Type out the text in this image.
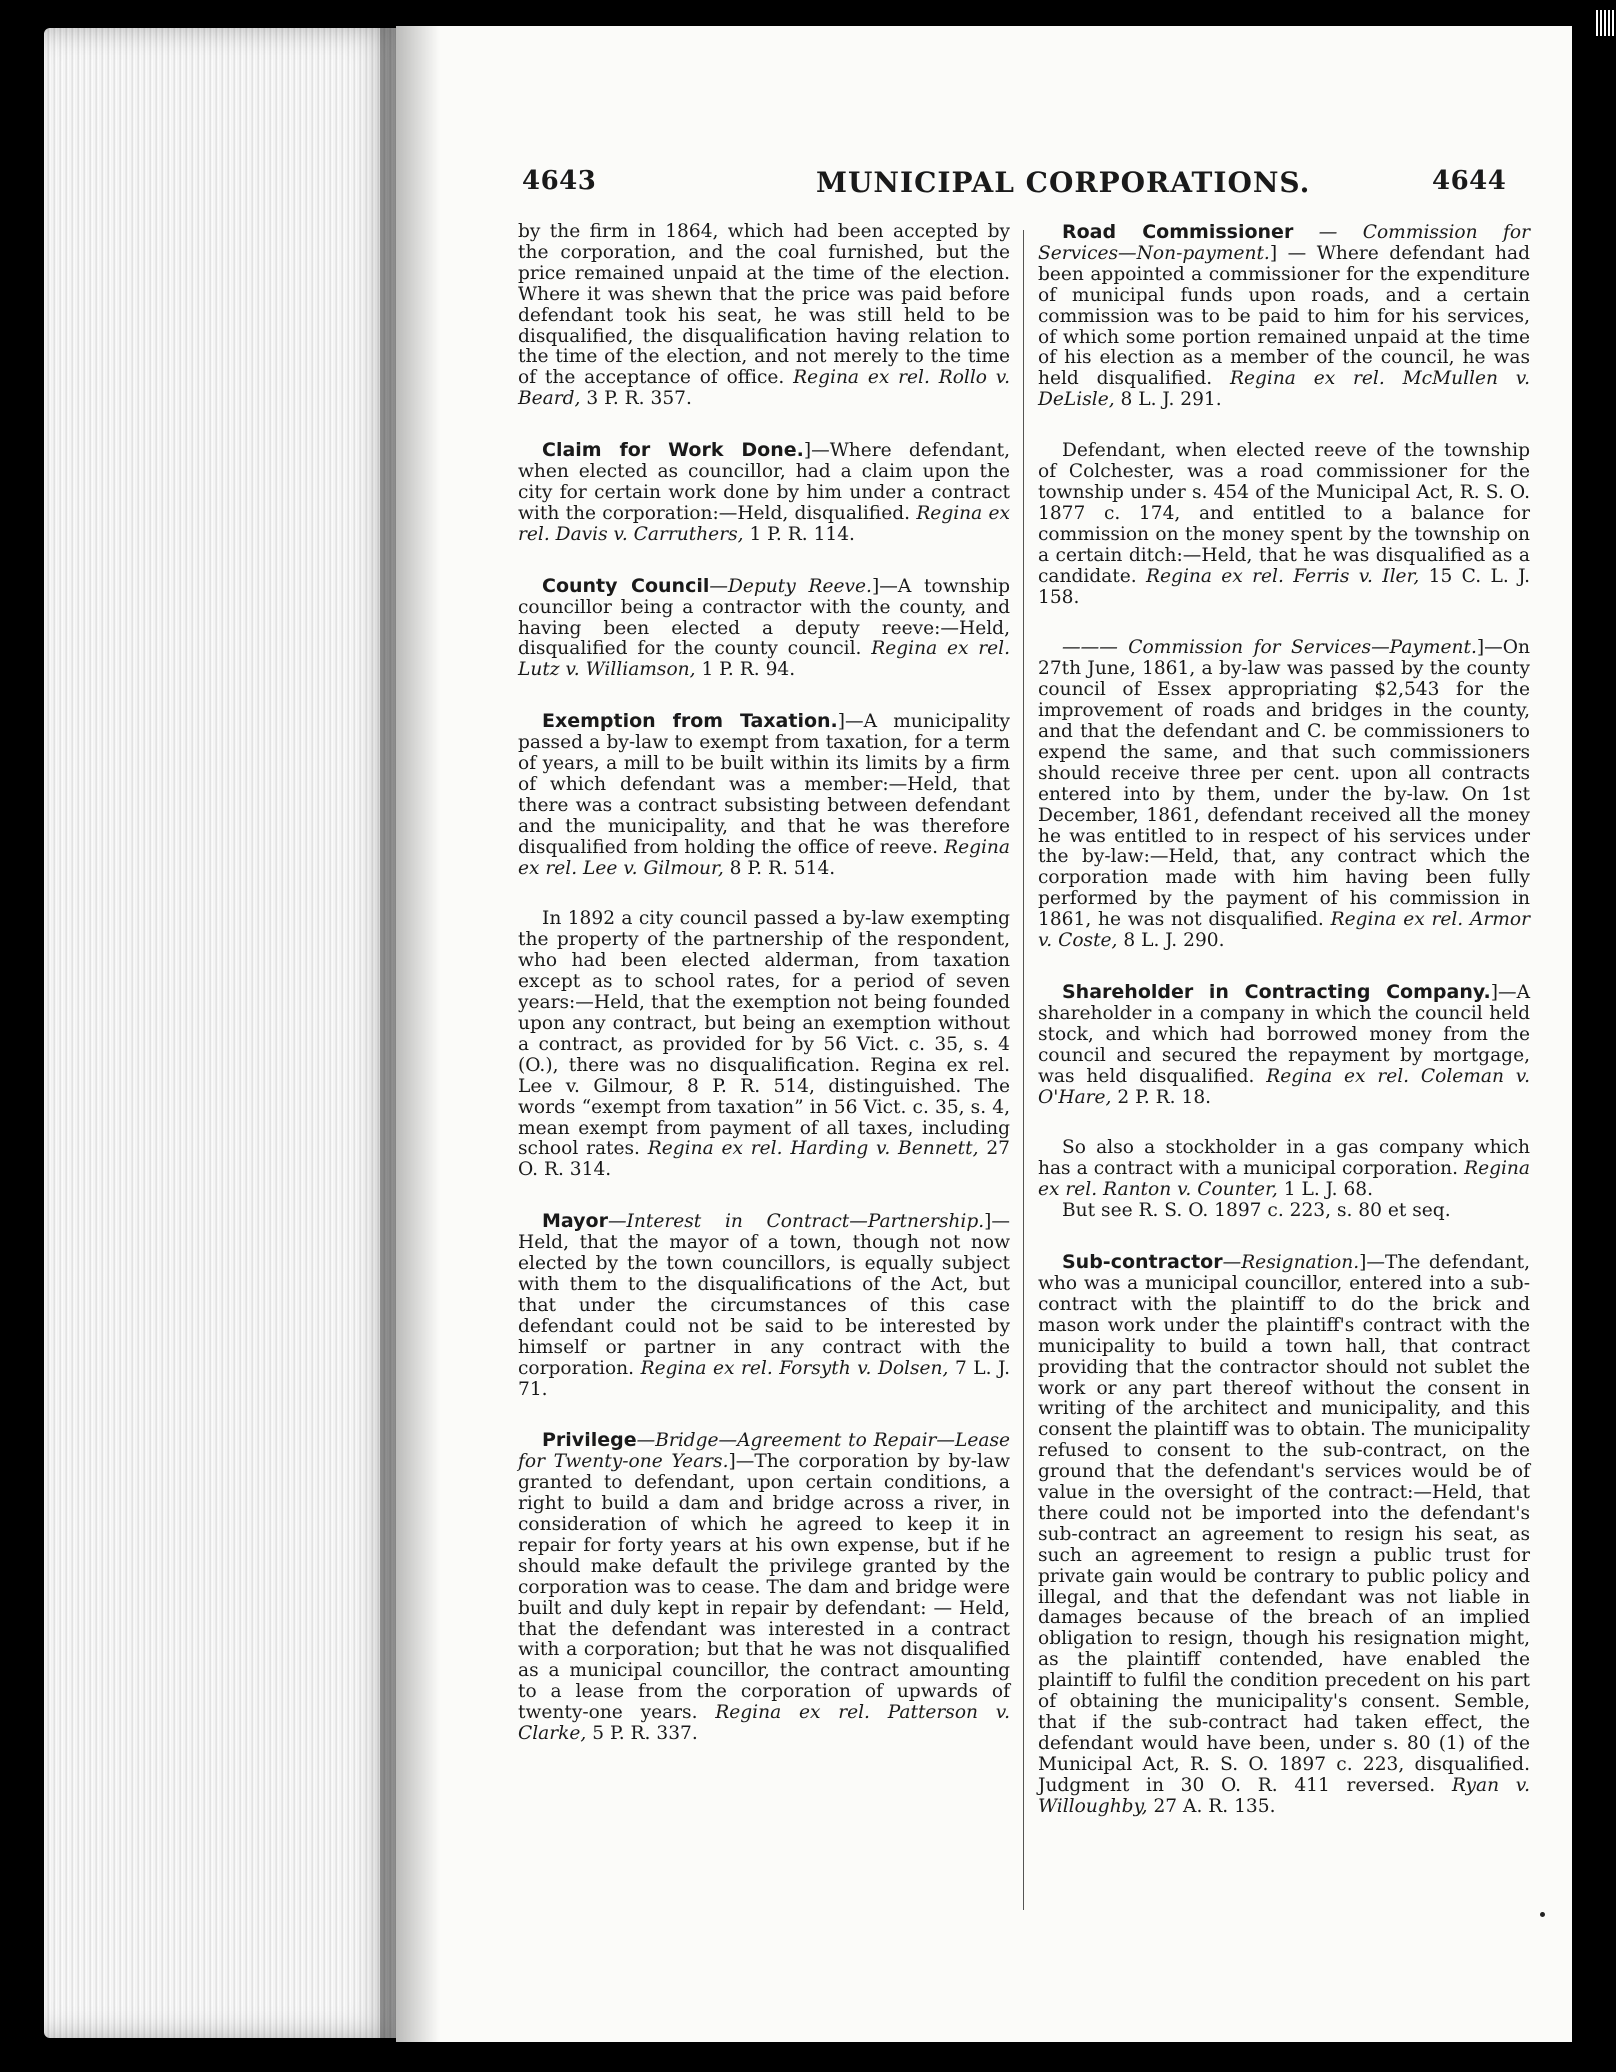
4643	MUNICIPAL CORPORATIONS.	4644

by the firm in 1864, which had been accepted by the corporation, and the coal furnished, but the price remained unpaid at the time of the election. Where it was shewn that the price was paid before defendant took his seat, he was still held to be disqualified, the disqualification having relation to the time of the election, and not merely to the time of the acceptance of office. Regina ex rel. Rollo v. Beard, 3 P. R. 357.

Claim for Work Done.]—Where defendant, when elected as councillor, had a claim upon the city for certain work done by him under a contract with the corporation:—Held, disqualified. Regina ex rel. Davis v. Carruthers, 1 P. R. 114.

County Council—Deputy Reeve.]—A township councillor being a contractor with the county, and having been elected a deputy reeve:—Held, disqualified for the county council. Regina ex rel. Lutz v. Williamson, 1 P. R. 94.

Exemption from Taxation.]—A municipality passed a by-law to exempt from taxation, for a term of years, a mill to be built within its limits by a firm of which defendant was a member:—Held, that there was a contract subsisting between defendant and the municipality, and that he was therefore disqualified from holding the office of reeve. Regina ex rel. Lee v. Gilmour, 8 P. R. 514.

In 1892 a city council passed a by-law exempting the property of the partnership of the respondent, who had been elected alderman, from taxation except as to school rates, for a period of seven years:—Held, that the exemption not being founded upon any contract, but being an exemption without a contract, as provided for by 56 Vict. c. 35, s. 4 (O.), there was no disqualification. Regina ex rel. Lee v. Gilmour, 8 P. R. 514, distinguished. The words “exempt from taxation” in 56 Vict. c. 35, s. 4, mean exempt from payment of all taxes, including school rates. Regina ex rel. Harding v. Bennett, 27 O. R. 314.

Mayor—Interest in Contract—Partnership.]—Held, that the mayor of a town, though not now elected by the town councillors, is equally subject with them to the disqualifications of the Act, but that under the circumstances of this case defendant could not be said to be interested by himself or partner in any contract with the corporation. Regina ex rel. Forsyth v. Dolsen, 7 L. J. 71.

Privilege—Bridge—Agreement to Repair—Lease for Twenty-one Years.]—The corporation by by-law granted to defendant, upon certain conditions, a right to build a dam and bridge across a river, in consideration of which he agreed to keep it in repair for forty years at his own expense, but if he should make default the privilege granted by the corporation was to cease. The dam and bridge were built and duly kept in repair by defendant: — Held, that the defendant was interested in a contract with a corporation; but that he was not disqualified as a municipal councillor, the contract amounting to a lease from the corporation of upwards of twenty-one years. Regina ex rel. Patterson v. Clarke, 5 P. R. 337.

Road Commissioner — Commission for Services—Non-payment.] — Where defendant had been appointed a commissioner for the expenditure of municipal funds upon roads, and a certain commission was to be paid to him for his services, of which some portion remained unpaid at the time of his election as a member of the council, he was held disqualified. Regina ex rel. McMullen v. DeLisle, 8 L. J. 291.

Defendant, when elected reeve of the township of Colchester, was a road commissioner for the township under s. 454 of the Municipal Act, R. S. O. 1877 c. 174, and entitled to a balance for commission on the money spent by the township on a certain ditch:—Held, that he was disqualified as a candidate. Regina ex rel. Ferris v. Iler, 15 C. L. J. 158.

——— Commission for Services—Payment.]—On 27th June, 1861, a by-law was passed by the county council of Essex appropriating $2,543 for the improvement of roads and bridges in the county, and that the defendant and C. be commissioners to expend the same, and that such commissioners should receive three per cent. upon all contracts entered into by them, under the by-law. On 1st December, 1861, defendant received all the money he was entitled to in respect of his services under the by-law:—Held, that, any contract which the corporation made with him having been fully performed by the payment of his commission in 1861, he was not disqualified. Regina ex rel. Armor v. Coste, 8 L. J. 290.

Shareholder in Contracting Company.]—A shareholder in a company in which the council held stock, and which had borrowed money from the council and secured the repayment by mortgage, was held disqualified. Regina ex rel. Coleman v. O'Hare, 2 P. R. 18.

So also a stockholder in a gas company which has a contract with a municipal corporation. Regina ex rel. Ranton v. Counter, 1 L. J. 68.

But see R. S. O. 1897 c. 223, s. 80 et seq.

Sub-contractor—Resignation.]—The defendant, who was a municipal councillor, entered into a sub-contract with the plaintiff to do the brick and mason work under the plaintiff's contract with the municipality to build a town hall, that contract providing that the contractor should not sublet the work or any part thereof without the consent in writing of the architect and municipality, and this consent the plaintiff was to obtain. The municipality refused to consent to the sub-contract, on the ground that the defendant's services would be of value in the oversight of the contract:—Held, that there could not be imported into the defendant's sub-contract an agreement to resign his seat, as such an agreement to resign a public trust for private gain would be contrary to public policy and illegal, and that the defendant was not liable in damages because of the breach of an implied obligation to resign, though his resignation might, as the plaintiff contended, have enabled the plaintiff to fulfil the condition precedent on his part of obtaining the municipality's consent. Semble, that if the sub-contract had taken effect, the defendant would have been, under s. 80 (1) of the Municipal Act, R. S. O. 1897 c. 223, disqualified. Judgment in 30 O. R. 411 reversed. Ryan v. Willoughby, 27 A. R. 135.
